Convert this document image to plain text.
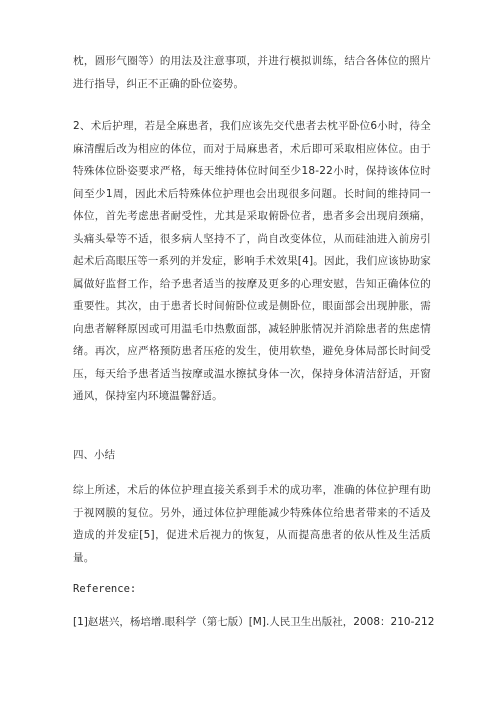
枕，圆形气圈等）的用法及注意事项，并进行模拟训练，结合各体位的照片进行指导，纠正不正确的卧位姿势。

2、术后护理，若是全麻患者，我们应该先交代患者去枕平卧位6小时，待全麻清醒后改为相应的体位，而对于局麻患者，术后即可采取相应体位。由于特殊体位卧姿要求严格，每天维持体位时间至少18-22小时，保持该体位时间至少1周，因此术后特殊体位护理也会出现很多问题。长时间的维持同一体位，首先考虑患者耐受性，尤其是采取俯卧位者，患者多会出现肩颈痛，头痛头晕等不适，很多病人坚持不了，尚自改变体位，从而硅油进入前房引起术后高眼压等一系列的并发症，影响手术效果[4]。因此，我们应该协助家属做好监督工作，给予患者适当的按摩及更多的心理安慰，告知正确体位的重要性。其次，由于患者长时间俯卧位或是侧卧位，眼面部会出现肿胀，需向患者解释原因或可用温毛巾热敷面部，减轻肿胀情况并消除患者的焦虑情绪。再次，应严格预防患者压疮的发生，使用软垫，避免身体局部长时间受压，每天给予患者适当按摩或温水擦拭身体一次，保持身体清洁舒适，开窗通风，保持室内环境温馨舒适。

四、小结

综上所述，术后的体位护理直接关系到手术的成功率，准确的体位护理有助于视网膜的复位。另外，通过体位护理能减少特殊体位给患者带来的不适及造成的并发症[5]，促进术后视力的恢复，从而提高患者的依从性及生活质量。

Reference:

[1]赵堪兴，杨培增.眼科学（第七版）[M].人民卫生出版社，2008：210-212
